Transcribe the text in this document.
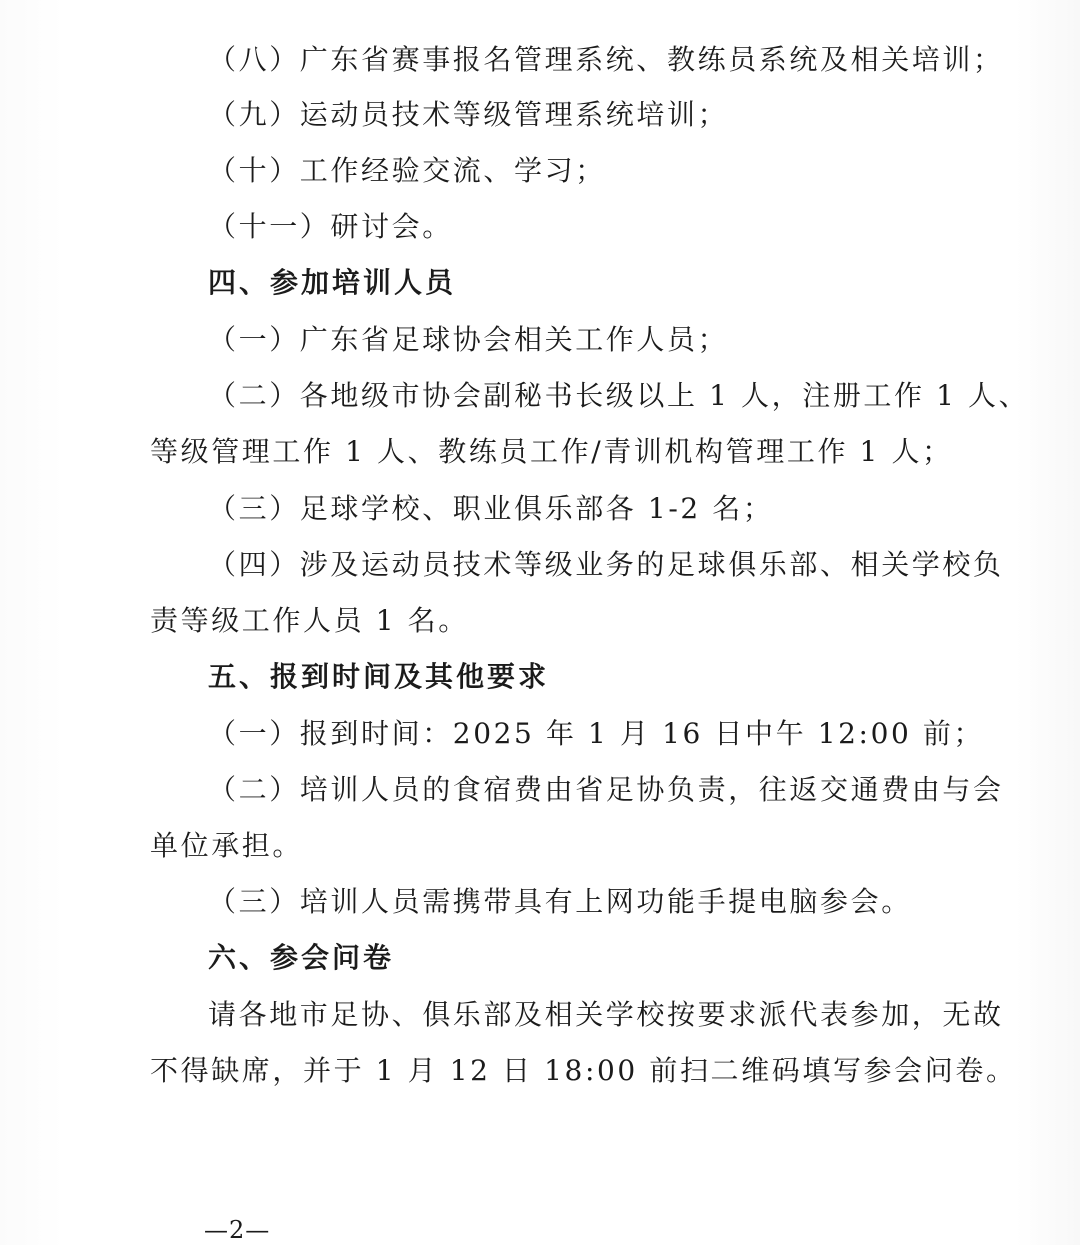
（八）广东省赛事报名管理系统、教练员系统及相关培训；
（九）运动员技术等级管理系统培训；
（十）工作经验交流、学习；
（十一）研讨会。
四、参加培训人员
（一）广东省足球协会相关工作人员；
（二）各地级市协会副秘书长级以上 1 人，注册工作 1 人、
等级管理工作 1 人、教练员工作/青训机构管理工作 1 人；
（三）足球学校、职业俱乐部各 1-2 名；
（四）涉及运动员技术等级业务的足球俱乐部、相关学校负
责等级工作人员 1 名。
五、报到时间及其他要求
（一）报到时间：2025 年 1 月 16 日中午 12:00 前；
（二）培训人员的食宿费由省足协负责，往返交通费由与会
单位承担。
（三）培训人员需携带具有上网功能手提电脑参会。
六、参会问卷
请各地市足协、俱乐部及相关学校按要求派代表参加，无故
不得缺席，并于 1 月 12 日 18:00 前扫二维码填写参会问卷。
—2—
